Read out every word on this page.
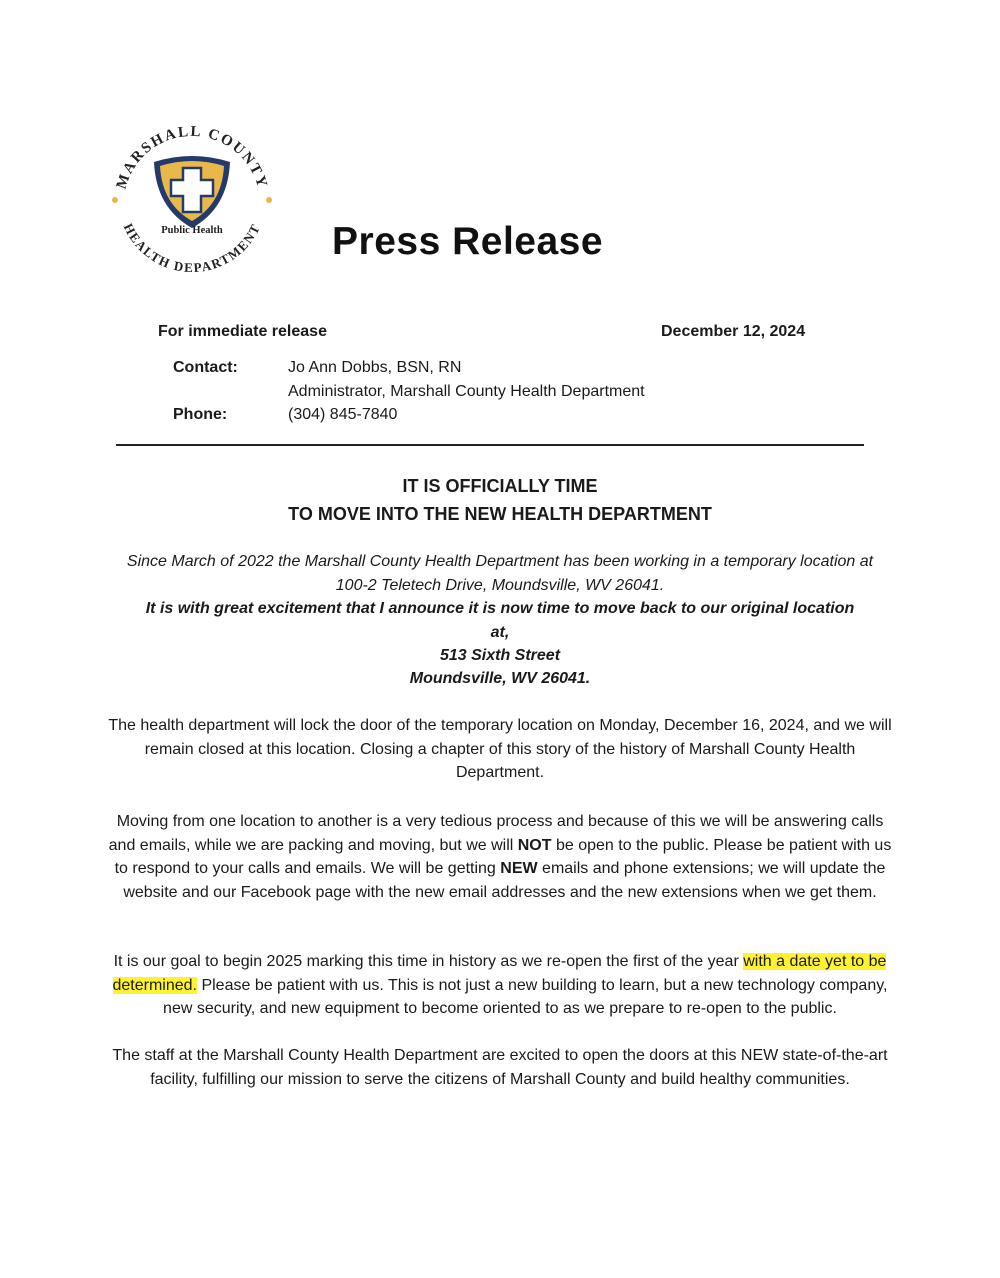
MARSHALL COUNTY
HEALTH DEPARTMENT
Public Health	Press Release
For immediate release	December 12, 2024
Contact:	Jo Ann Dobbs, BSN, RN
Administrator, Marshall County Health Department
Phone:	(304) 845-7840
IT IS OFFICIALLY TIME
TO MOVE INTO THE NEW HEALTH DEPARTMENT

Since March of 2022 the Marshall County Health Department has been working in a temporary location at 100-2 Teletech Drive, Moundsville, WV 26041.

It is with great excitement that I announce it is now time to move back to our original location at,

513 Sixth Street

Moundsville, WV 26041.

The health department will lock the door of the temporary location on Monday, December 16, 2024, and we will remain closed at this location. Closing a chapter of this story of the history of Marshall County Health Department.

Moving from one location to another is a very tedious process and because of this we will be answering calls and emails, while we are packing and moving, but we will NOT be open to the public. Please be patient with us to respond to your calls and emails. We will be getting NEW emails and phone extensions; we will update the website and our Facebook page with the new email addresses and the new extensions when we get them.

It is our goal to begin 2025 marking this time in history as we re-open the first of the year with a date yet to be determined. Please be patient with us. This is not just a new building to learn, but a new technology company, new security, and new equipment to become oriented to as we prepare to re-open to the public.

The staff at the Marshall County Health Department are excited to open the doors at this NEW state-of-the-art facility, fulfilling our mission to serve the citizens of Marshall County and build healthy communities.
